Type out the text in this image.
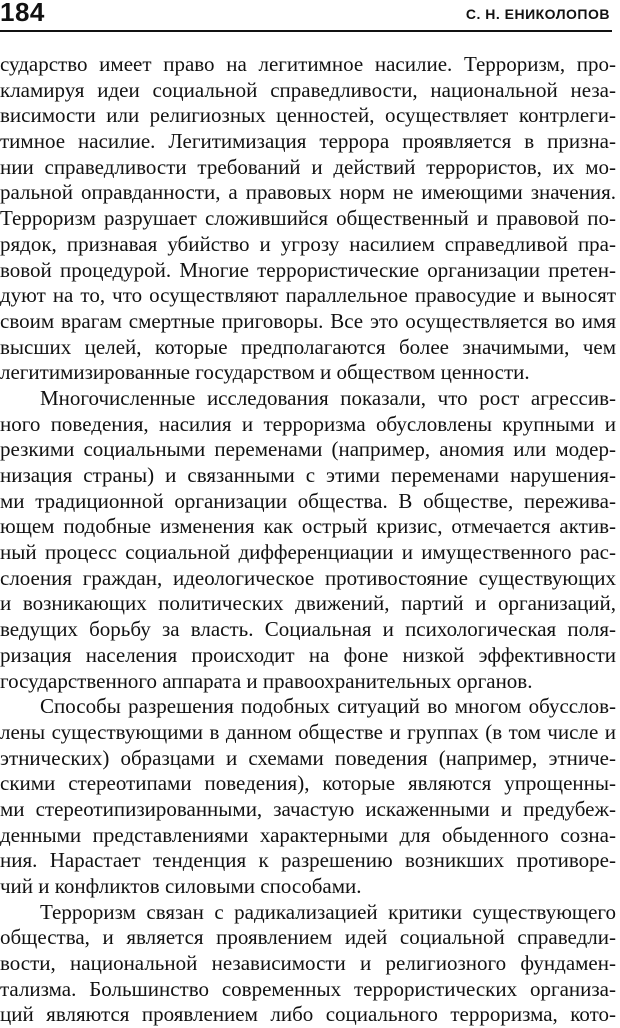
184	С. Н. ЕНИКОЛОПОВ
сударство имеет право на легитимное насилие. Терроризм, про-
кламируя идеи социальной справедливости, национальной неза-
висимости или религиозных ценностей, осуществляет контрлеги-
тимное насилие. Легитимизация террора проявляется в призна-
нии справедливости требований и действий террористов, их мо-
ральной оправданности, а правовых норм не имеющими значения.
Терроризм разрушает сложившийся общественный и правовой по-
рядок, признавая убийство и угрозу насилием справедливой пра-
вовой процедурой. Многие террористические организации претен-
дуют на то, что осуществляют параллельное правосудие и выносят
своим врагам смертные приговоры. Все это осуществляется во имя
высших целей, которые предполагаются более значимыми, чем
легитимизированные государством и обществом ценности.
Многочисленные исследования показали, что рост агрессив-
ного поведения, насилия и терроризма обусловлены крупными и
резкими социальными переменами (например, аномия или модер-
низация страны) и связанными с этими переменами нарушения-
ми традиционной организации общества. В обществе, пережива-
ющем подобные изменения как острый кризис, отмечается актив-
ный процесс социальной дифференциации и имущественного рас-
слоения граждан, идеологическое противостояние существующих
и возникающих политических движений, партий и организаций,
ведущих борьбу за власть. Социальная и психологическая поля-
ризация населения происходит на фоне низкой эффективности
государственного аппарата и правоохранительных органов.
Способы разрешения подобных ситуаций во многом обусслов-
лены существующими в данном обществе и группах (в том числе и
этнических) образцами и схемами поведения (например, этниче-
скими стереотипами поведения), которые являются упрощенны-
ми стереотипизированными, зачастую искаженными и предубеж-
денными представлениями характерными для обыденного созна-
ния. Нарастает тенденция к разрешению возникших противоре-
чий и конфликтов силовыми способами.
Терроризм связан с радикализацией критики существующего
общества, и является проявлением идей социальной справедли-
вости, национальной независимости и религиозного фундамен-
тализма. Большинство современных террористических организа-
ций являются проявлением либо социального терроризма, кото-
